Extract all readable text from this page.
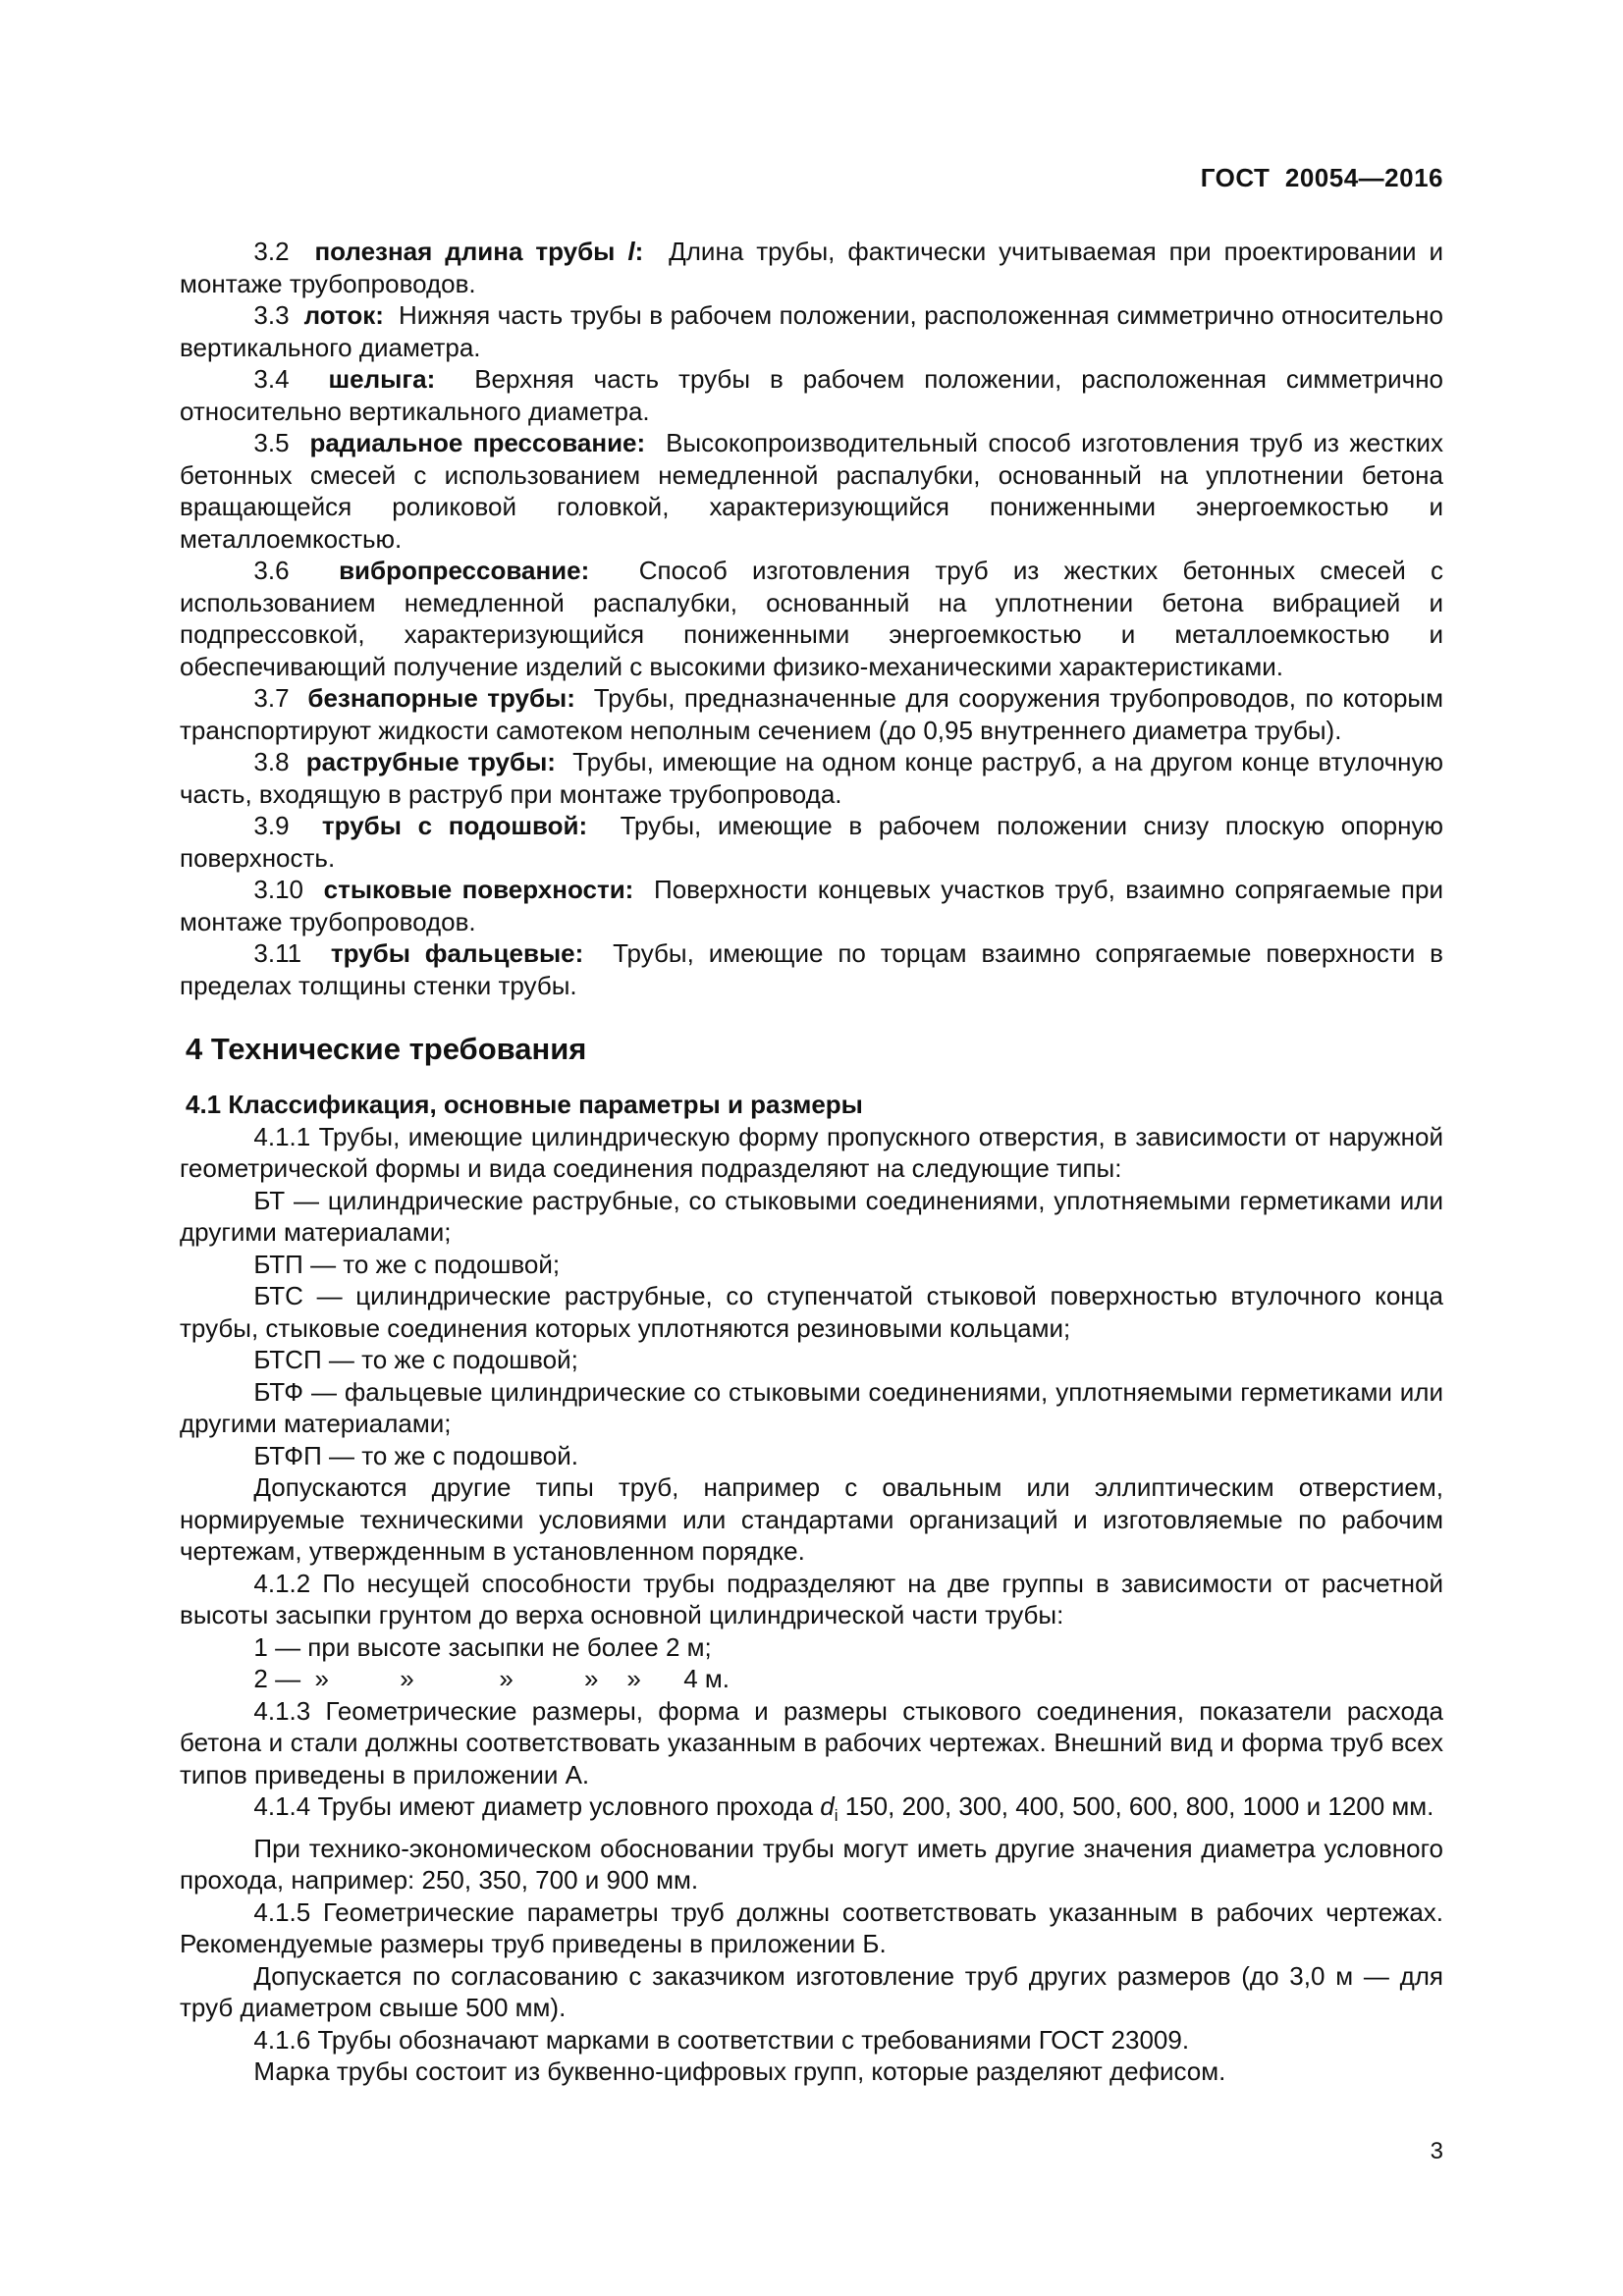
ГОСТ  20054—2016

3.2 полезная длина трубы l: Длина трубы, фактически учитываемая при проектировании и монтаже трубопроводов.

3.3 лоток: Нижняя часть трубы в рабочем положении, расположенная симметрично относительно вертикального диаметра.

3.4 шелыга: Верхняя часть трубы в рабочем положении, расположенная симметрично относительно вертикального диаметра.

3.5 радиальное прессование: Высокопроизводительный способ изготовления труб из жестких бетонных смесей с использованием немедленной распалубки, основанный на уплотнении бетона вращающейся роликовой головкой, характеризующийся пониженными энергоемкостью и металлоемкостью.

3.6 вибропрессование: Способ изготовления труб из жестких бетонных смесей с использованием немедленной распалубки, основанный на уплотнении бетона вибрацией и подпрессовкой, характеризующийся пониженными энергоемкостью и металлоемкостью и обеспечивающий получение изделий с высокими физико-механическими характеристиками.

3.7 безнапорные трубы: Трубы, предназначенные для сооружения трубопроводов, по которым транспортируют жидкости самотеком неполным сечением (до 0,95 внутреннего диаметра трубы).

3.8 раструбные трубы: Трубы, имеющие на одном конце раструб, а на другом конце втулочную часть, входящую в раструб при монтаже трубопровода.

3.9 трубы с подошвой: Трубы, имеющие в рабочем положении снизу плоскую опорную поверхность.

3.10 стыковые поверхности: Поверхности концевых участков труб, взаимно сопрягаемые при монтаже трубопроводов.

3.11 трубы фальцевые: Трубы, имеющие по торцам взаимно сопрягаемые поверхности в пределах толщины стенки трубы.

4 Технические требования
4.1 Классификация, основные параметры и размеры

4.1.1 Трубы, имеющие цилиндрическую форму пропускного отверстия, в зависимости от наружной геометрической формы и вида соединения подразделяют на следующие типы:

БТ — цилиндрические раструбные, со стыковыми соединениями, уплотняемыми герметиками или другими материалами;

БТП — то же с подошвой;

БТС — цилиндрические раструбные, со ступенчатой стыковой поверхностью втулочного конца трубы, стыковые соединения которых уплотняются резиновыми кольцами;

БТСП — то же с подошвой;

БТФ — фальцевые цилиндрические со стыковыми соединениями, уплотняемыми герметиками или другими материалами;

БТФП — то же с подошвой.

Допускаются другие типы труб, например с овальным или эллиптическим отверстием, нормируемые техническими условиями или стандартами организаций и изготовляемые по рабочим чертежам, утвержденным в установленном порядке.

4.1.2 По несущей способности трубы подразделяют на две группы в зависимости от расчетной высоты засыпки грунтом до верха основной цилиндрической части трубы:

1 — при высоте засыпки не более 2 м;

2 —  »          »            »          »    »      4 м.

4.1.3 Геометрические размеры, форма и размеры стыкового соединения, показатели расхода бетона и стали должны соответствовать указанным в рабочих чертежах. Внешний вид и форма труб всех типов приведены в приложении А.

4.1.4 Трубы имеют диаметр условного прохода $d_i$ 150, 200, 300, 400, 500, 600, 800, 1000 и 1200 мм.

При технико-экономическом обосновании трубы могут иметь другие значения диаметра условного прохода, например: 250, 350, 700 и 900 мм.

4.1.5 Геометрические параметры труб должны соответствовать указанным в рабочих чертежах. Рекомендуемые размеры труб приведены в приложении Б.

Допускается по согласованию с заказчиком изготовление труб других размеров (до 3,0 м — для труб диаметром свыше 500 мм).

4.1.6 Трубы обозначают марками в соответствии с требованиями ГОСТ 23009.

Марка трубы состоит из буквенно-цифровых групп, которые разделяют дефисом.

3
